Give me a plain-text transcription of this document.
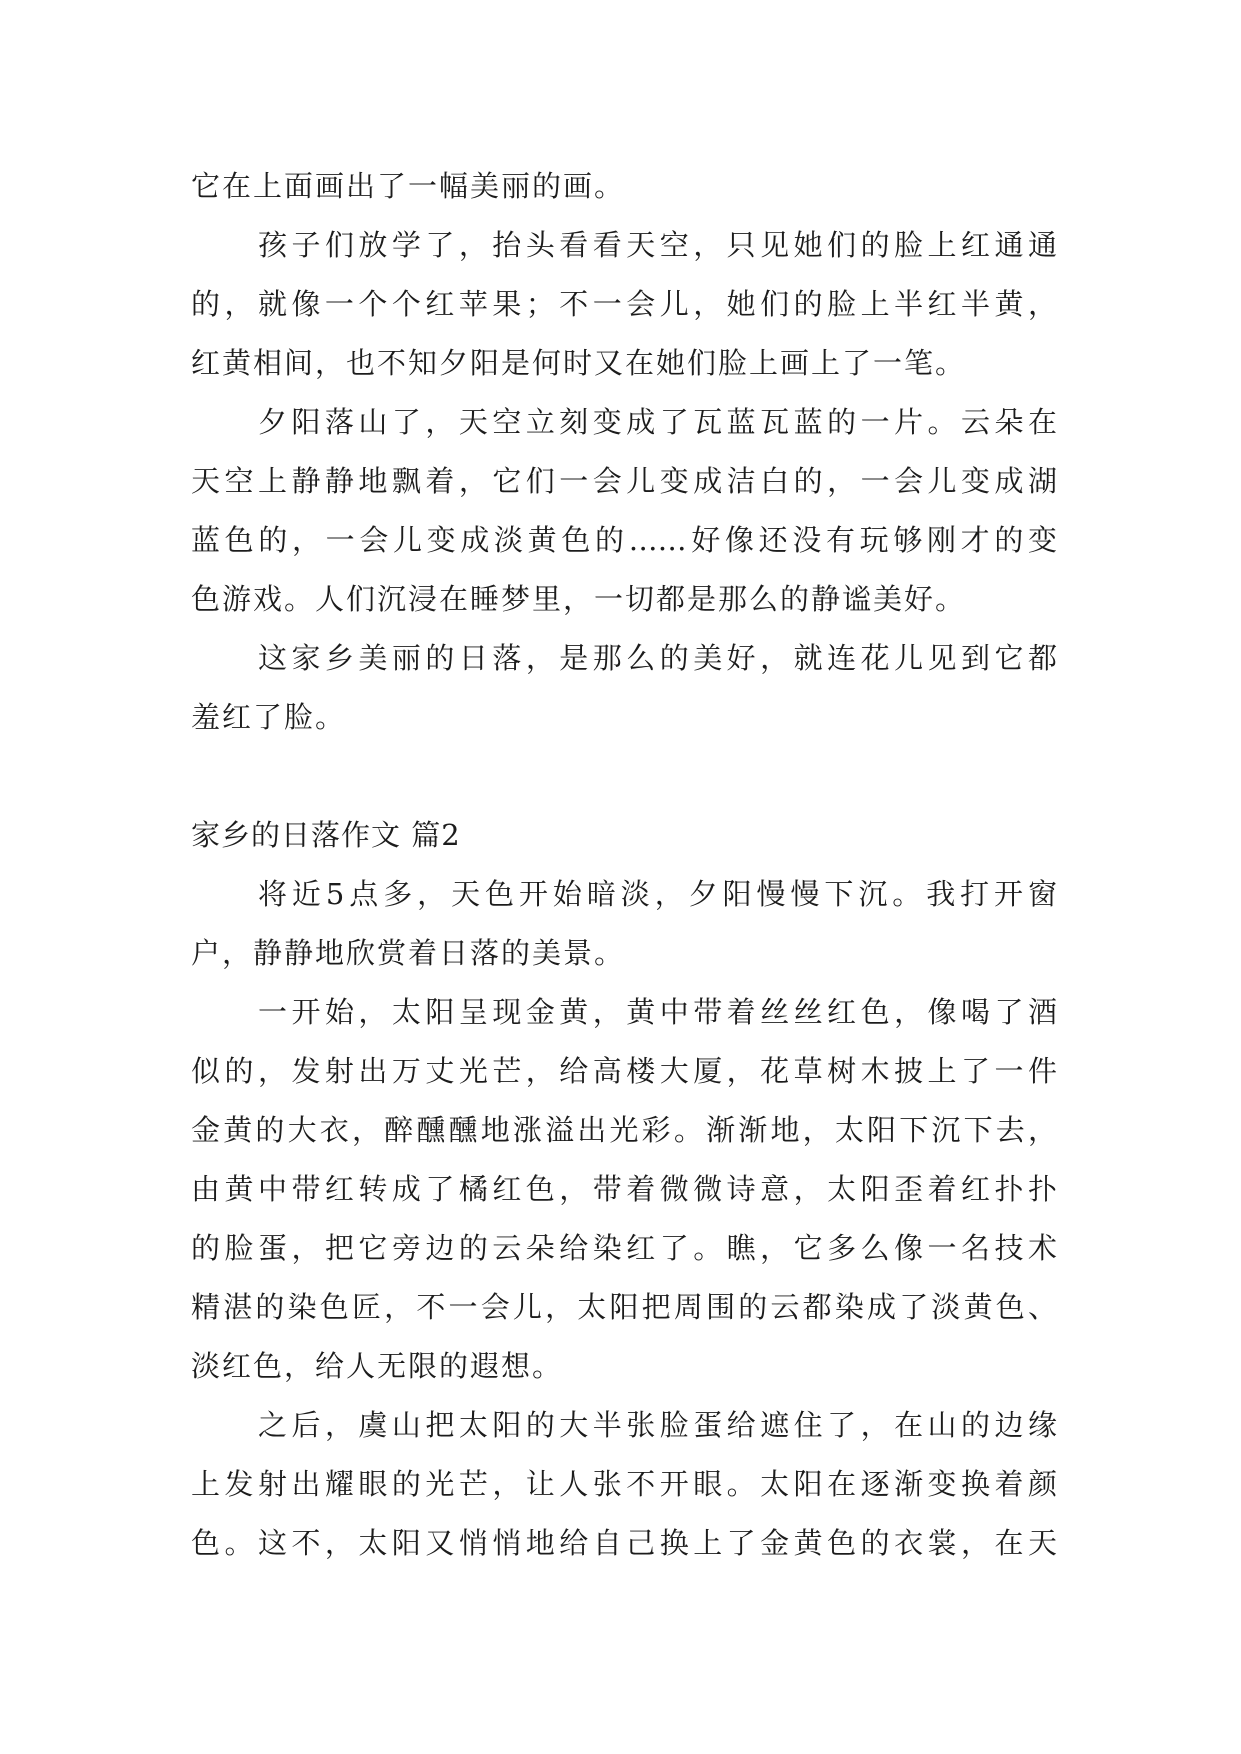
它在上面画出了一幅美丽的画。
孩子们放学了，抬头看看天空，只见她们的脸上红通通
的，就像一个个红苹果；不一会儿，她们的脸上半红半黄，
红黄相间，也不知夕阳是何时又在她们脸上画上了一笔。
夕阳落山了，天空立刻变成了瓦蓝瓦蓝的一片。云朵在
天空上静静地飘着，它们一会儿变成洁白的，一会儿变成湖
蓝色的，一会儿变成淡黄色的……好像还没有玩够刚才的变
色游戏。人们沉浸在睡梦里，一切都是那么的静谧美好。
这家乡美丽的日落，是那么的美好，就连花儿见到它都
羞红了脸。
家乡的日落作文 篇2
将近5点多，天色开始暗淡，夕阳慢慢下沉。我打开窗
户，静静地欣赏着日落的美景。
一开始，太阳呈现金黄，黄中带着丝丝红色，像喝了酒
似的，发射出万丈光芒，给高楼大厦，花草树木披上了一件
金黄的大衣，醉醺醺地涨溢出光彩。渐渐地，太阳下沉下去，
由黄中带红转成了橘红色，带着微微诗意，太阳歪着红扑扑
的脸蛋，把它旁边的云朵给染红了。瞧，它多么像一名技术
精湛的染色匠，不一会儿，太阳把周围的云都染成了淡黄色、
淡红色，给人无限的遐想。
之后，虞山把太阳的大半张脸蛋给遮住了，在山的边缘
上发射出耀眼的光芒，让人张不开眼。太阳在逐渐变换着颜
色。这不，太阳又悄悄地给自己换上了金黄色的衣裳，在天
